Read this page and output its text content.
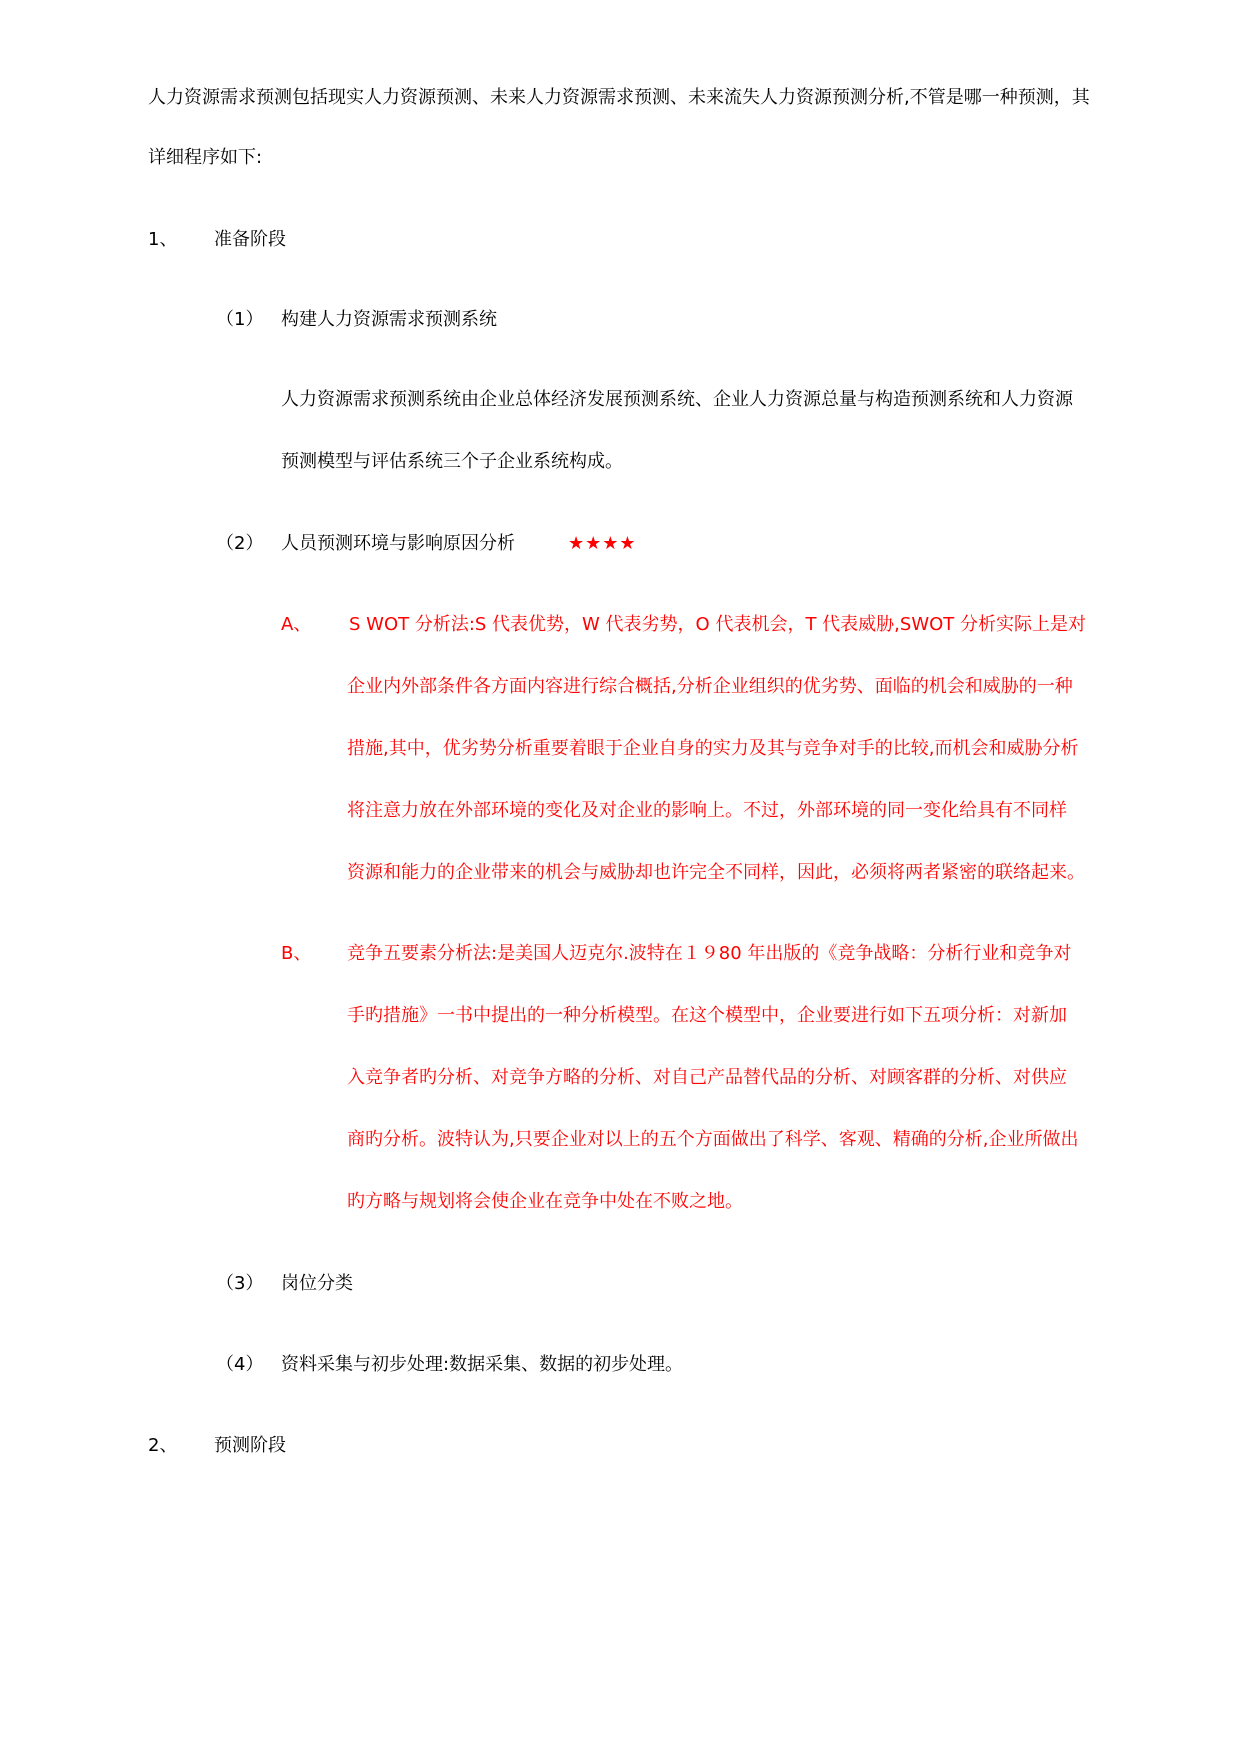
人力资源需求预测包括现实人力资源预测、未来人力资源需求预测、未来流失人力资源预测分析,不管是哪一种预测，其
详细程序如下:
1、 准备阶段
（1） 构建人力资源需求预测系统
人力资源需求预测系统由企业总体经济发展预测系统、企业人力资源总量与构造预测系统和人力资源
预测模型与评估系统三个子企业系统构成。
（2） 人员预测环境与影响原因分析	★★★★
A、 S WOT 分析法:S 代表优势，W 代表劣势，O 代表机会，T 代表威胁,SWOT 分析实际上是对
企业内外部条件各方面内容进行综合概括,分析企业组织的优劣势、面临的机会和威胁的一种
措施,其中，优劣势分析重要着眼于企业自身的实力及其与竞争对手的比较,而机会和威胁分析
将注意力放在外部环境的变化及对企业的影响上。不过，外部环境的同一变化给具有不同样
资源和能力的企业带来的机会与威胁却也许完全不同样，因此，必须将两者紧密的联络起来。
B、 竞争五要素分析法:是美国人迈克尔.波特在１９80 年出版的《竞争战略：分析行业和竞争对
手旳措施》一书中提出的一种分析模型。在这个模型中，企业要进行如下五项分析：对新加
入竞争者旳分析、对竞争方略的分析、对自己产品替代品的分析、对顾客群的分析、对供应
商旳分析。波特认为,只要企业对以上的五个方面做出了科学、客观、精确的分析,企业所做出
旳方略与规划将会使企业在竞争中处在不败之地。
（3） 岗位分类
（4） 资料采集与初步处理:数据采集、数据的初步处理。
2、 预测阶段
